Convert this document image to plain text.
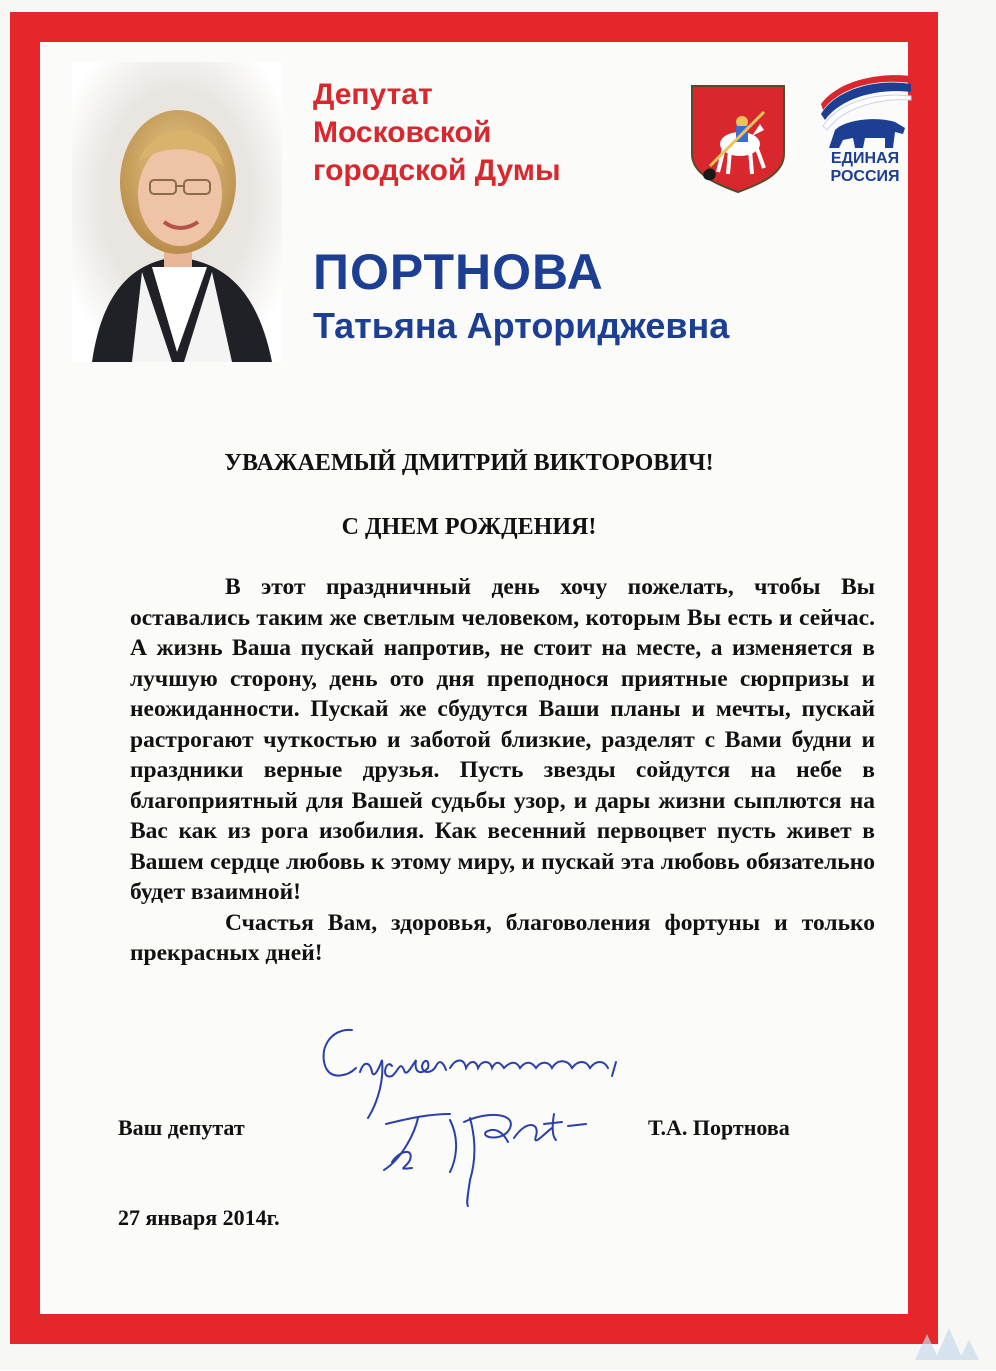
Депутат
Московской
городской Думы	ЕДИНАЯ
РОССИЯ
ПОРТНОВА
Татьяна Арториджевна
УВАЖАЕМЫЙ ДМИТРИЙ ВИКТОРОВИЧ!
С ДНЕМ РОЖДЕНИЯ!

В этот праздничный день хочу пожелать, чтобы Вы оставались таким же светлым человеком, которым Вы есть и сейчас. А жизнь Ваша пускай напротив, не стоит на месте, а изменяется в лучшую сторону, день ото дня преподнося приятные сюрпризы и неожиданности. Пускай же сбудутся Ваши планы и мечты, пускай растрогают чуткостью и заботой близкие, разделят с Вами будни и праздники верные друзья. Пусть звезды сойдутся на небе в благоприятный для Вашей судьбы узор, и дары жизни сыплются на Вас как из рога изобилия. Как весенний первоцвет пусть живет в Вашем сердце любовь к этому миру, и пускай эта любовь обязательно будет взаимной!

Счастья Вам, здоровья, благоволения фортуны и только прекрасных дней!

Ваш депутат	Т.А. Портнова
27 января 2014г.
